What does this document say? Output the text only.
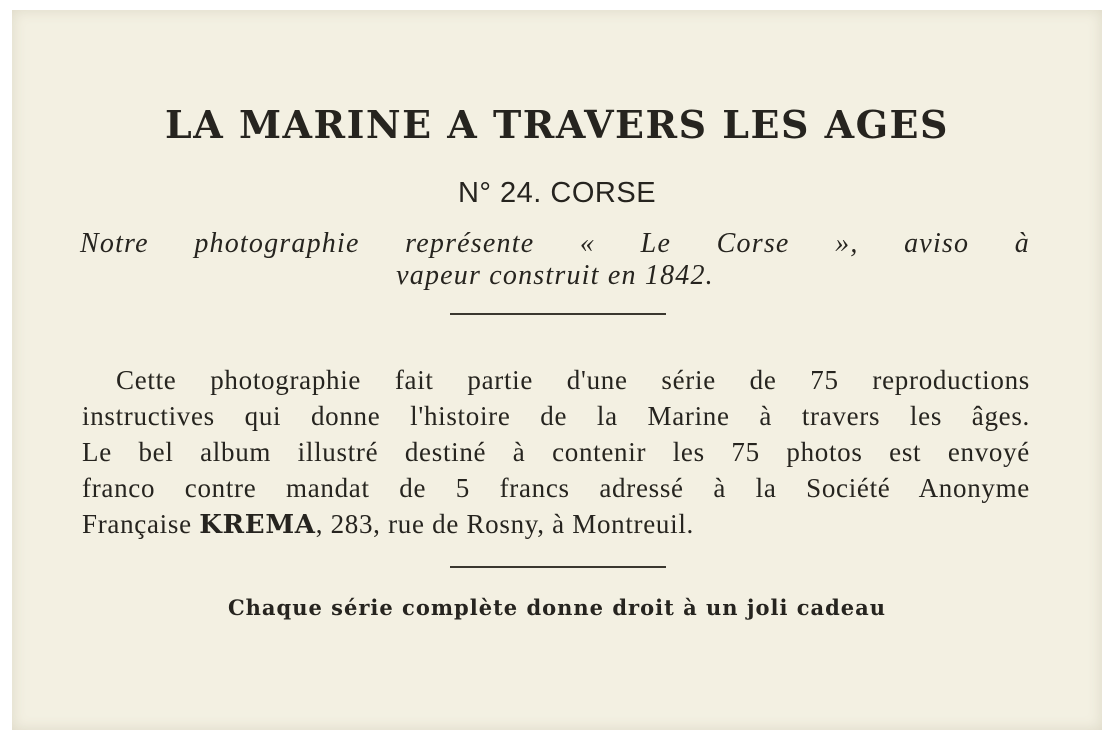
LA MARINE A TRAVERS LES AGES
N° 24. CORSE
Notre photographie représente « Le Corse », aviso à
vapeur construit en 1842.
Cette photographie fait partie d'une série de 75 reproductions
instructives qui donne l'histoire de la Marine à travers les âges.
Le bel album illustré destiné à contenir les 75 photos est envoyé
franco contre mandat de 5 francs adressé à la Société Anonyme
Française KREMA, 283, rue de Rosny, à Montreuil.
Chaque série complète donne droit à un joli cadeau
